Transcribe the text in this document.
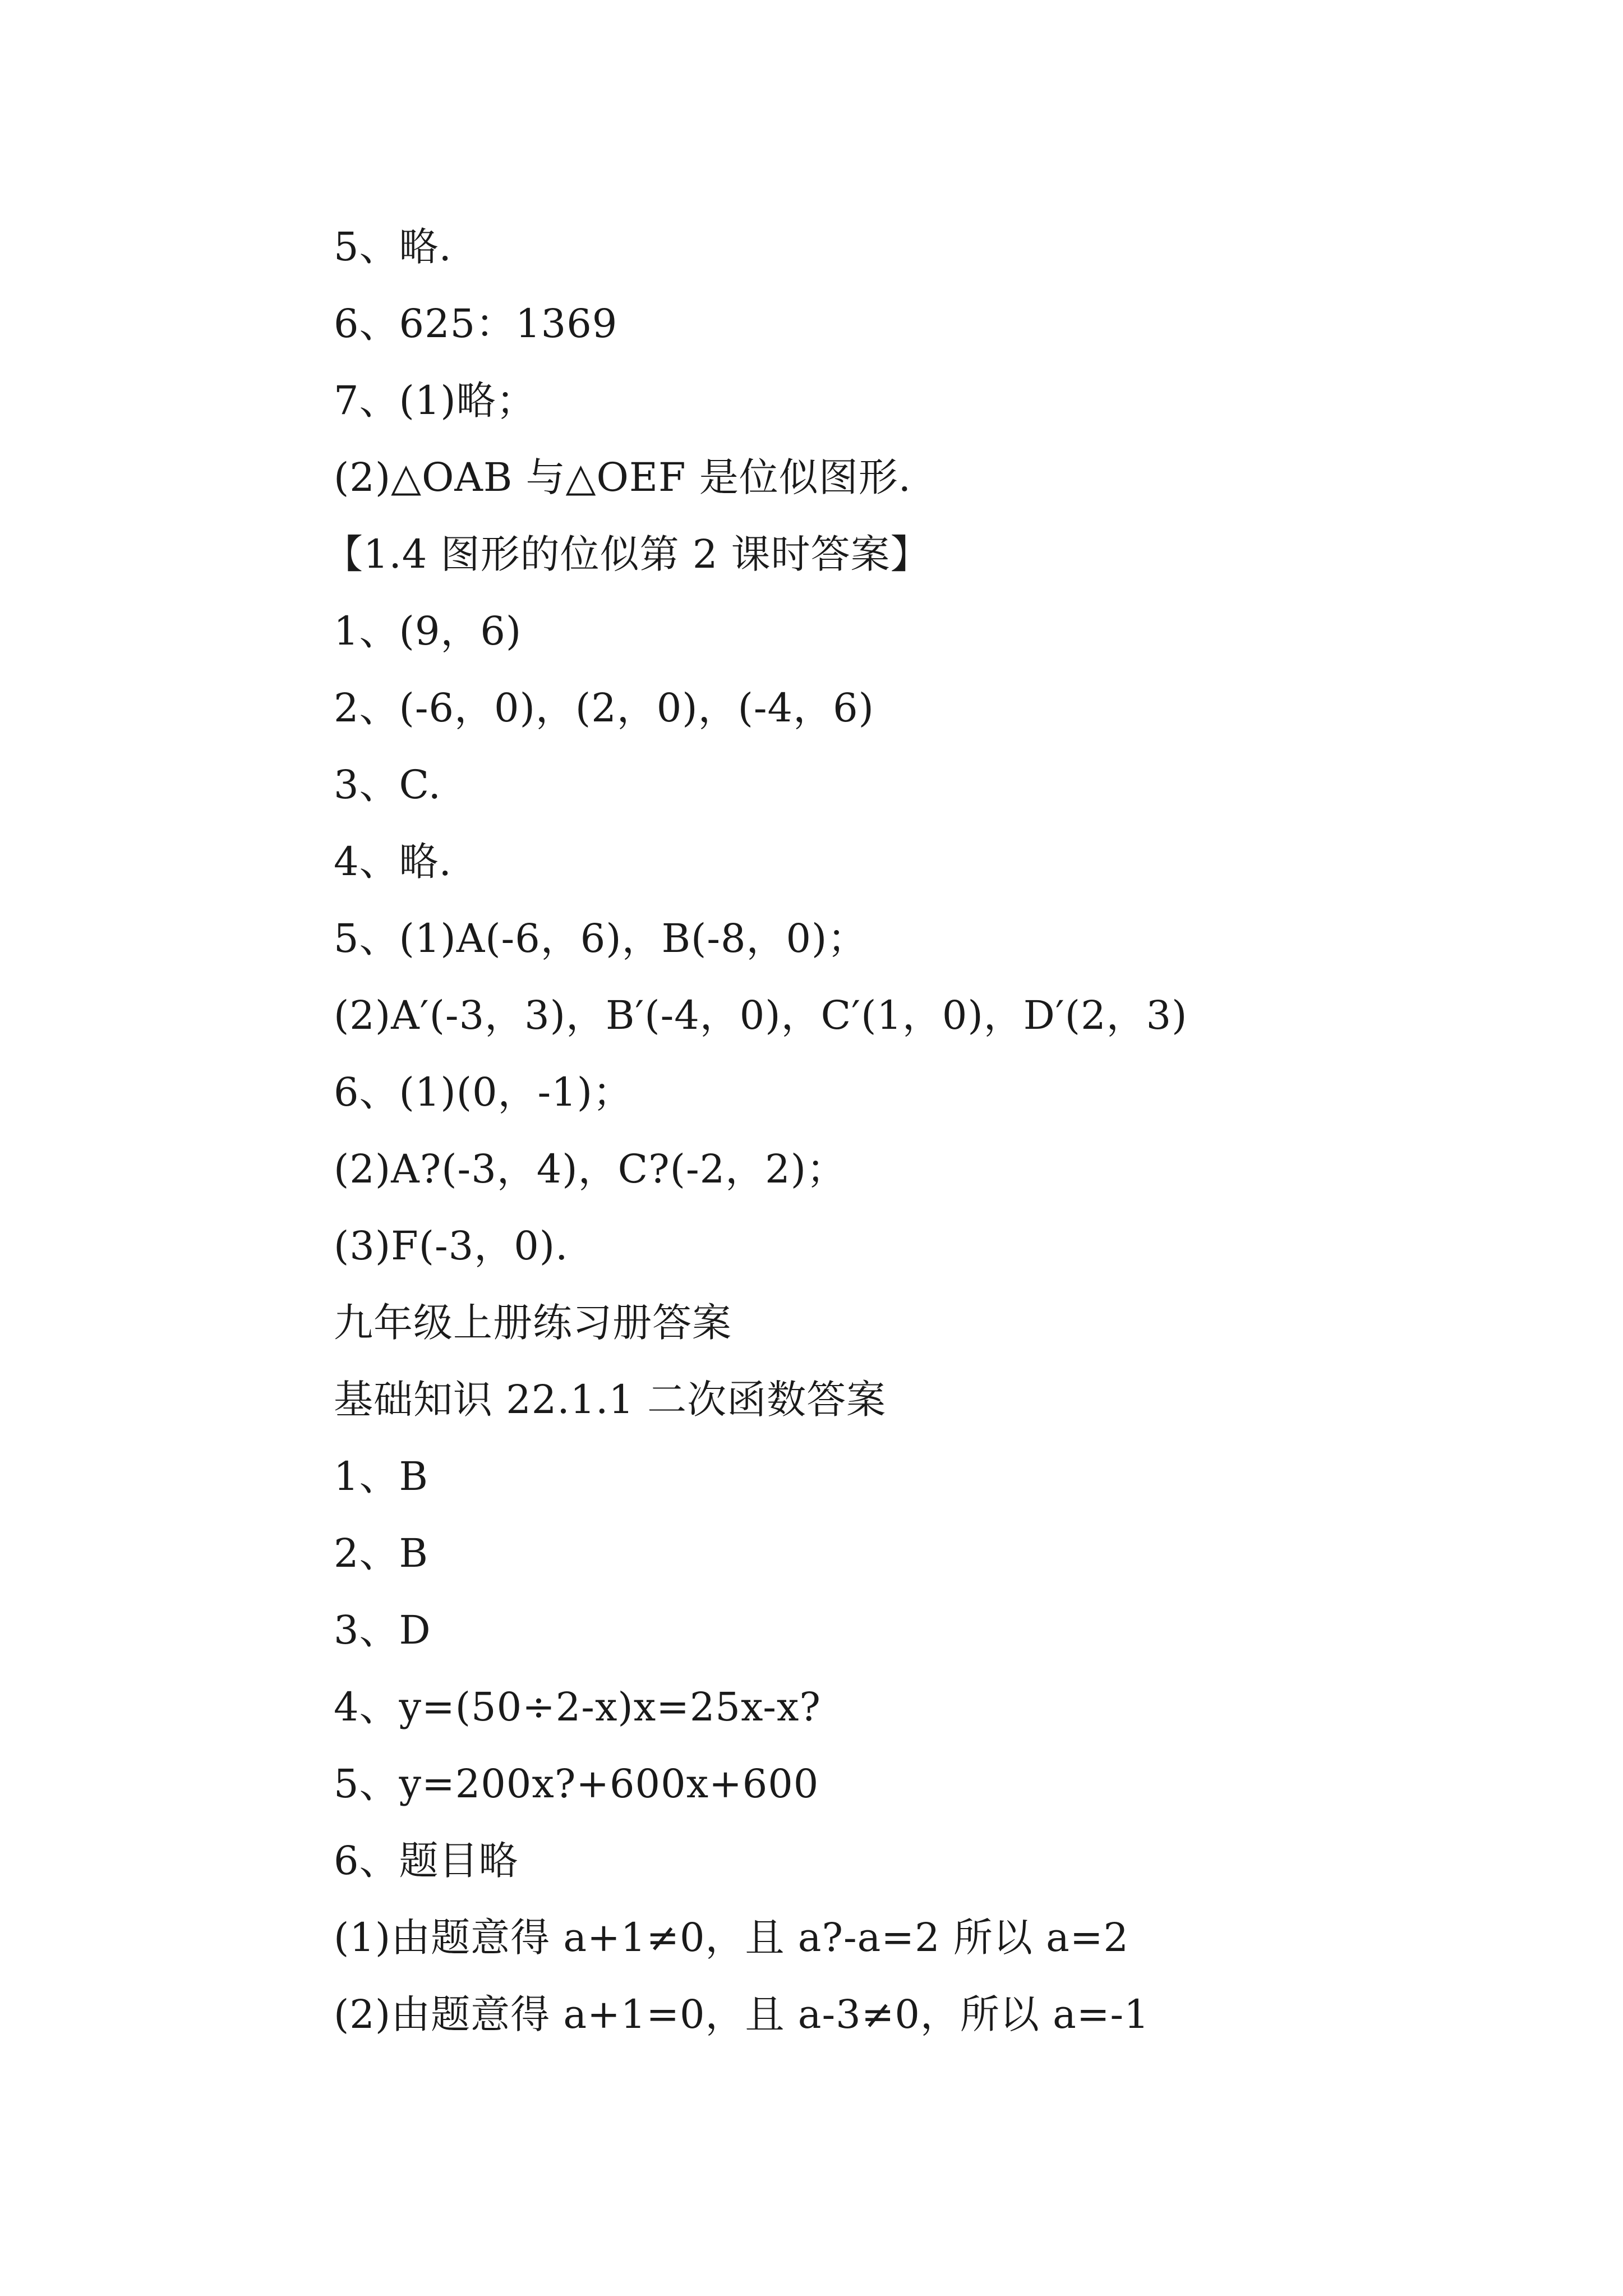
5、略.
6、625：1369
7、(1)略；
(2)△OAB 与△OEF 是位似图形.
【1.4 图形的位似第 2 课时答案】
1、(9，6)
2、(-6，0)，(2，0)，(-4，6)
3、C.
4、略.
5、(1)A(-6，6)，B(-8，0)；
(2)A′(-3，3)，B′(-4，0)，C′(1，0)，D′(2，3)
6、(1)(0，-1)；
(2)A?(-3，4)，C?(-2，2)；
(3)F(-3，0).
九年级上册练习册答案
基础知识 22.1.1 二次函数答案
1、B
2、B
3、D
4、y=(50÷2-x)x=25x-x?
5、y=200x?+600x+600
6、题目略
(1)由题意得 a+1≠0，且 a?-a=2 所以 a=2
(2)由题意得 a+1=0，且 a-3≠0，所以 a=-1
